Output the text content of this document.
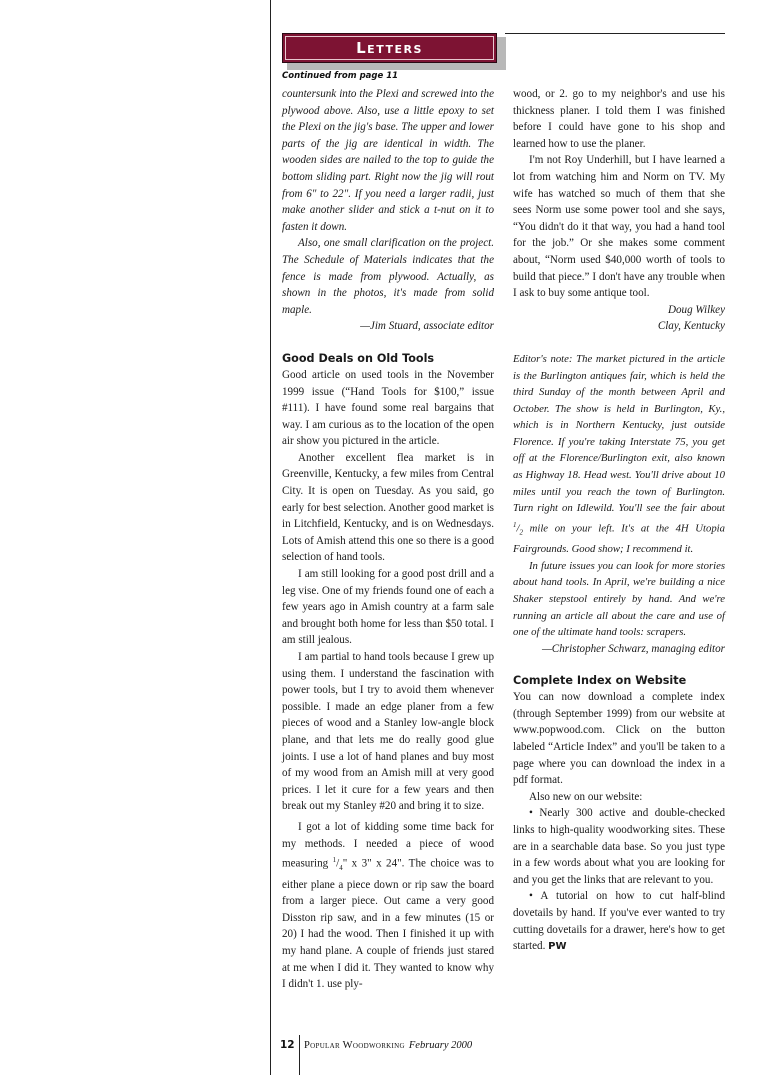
Letters
Continued from page 11

countersunk into the Plexi and screwed into the plywood above. Also, use a little epoxy to set the Plexi on the jig's base. The upper and lower parts of the jig are identical in width. The wooden sides are nailed to the top to guide the bottom sliding part. Right now the jig will rout from 6" to 22". If you need a larger radii, just make another slider and stick a t-nut on it to fasten it down.

Also, one small clarification on the project. The Schedule of Materials indicates that the fence is made from plywood. Actually, as shown in the photos, it's made from solid maple.

—Jim Stuard, associate editor

Good Deals on Old Tools

Good article on used tools in the November 1999 issue (“Hand Tools for $100,” issue #111). I have found some real bargains that way. I am curious as to the location of the open air show you pictured in the article.

Another excellent flea market is in Greenville, Kentucky, a few miles from Central City. It is open on Tuesday. As you said, go early for best selection. Another good market is in Litchfield, Kentucky, and is on Wednesdays. Lots of Amish attend this one so there is a good selection of hand tools.

I am still looking for a good post drill and a leg vise. One of my friends found one of each a few years ago in Amish country at a farm sale and brought both home for less than $50 total. I am still jealous.

I am partial to hand tools because I grew up using them. I understand the fascination with power tools, but I try to avoid them whenever possible. I made an edge planer from a few pieces of wood and a Stanley low-angle block plane, and that lets me do really good glue joints. I use a lot of hand planes and buy most of my wood from an Amish mill at very good prices. I let it cure for a few years and then break out my Stanley #20 and bring it to size.

I got a lot of kidding some time back for my methods. I needed a piece of wood measuring $^1/_4$" x 3" x 24". The choice was to either plane a piece down or rip saw the board from a larger piece. Out came a very good Disston rip saw, and in a few minutes (15 or 20) I had the wood. Then I finished it up with my hand plane. A couple of friends just stared at me when I did it. They wanted to know why I didn't 1. use ply-

wood, or 2. go to my neighbor's and use his thickness planer. I told them I was finished before I could have gone to his shop and learned how to use the planer.

I'm not Roy Underhill, but I have learned a lot from watching him and Norm on TV. My wife has watched so much of them that she sees Norm use some power tool and she says, “You didn't do it that way, you had a hand tool for the job.” Or she makes some comment about, “Norm used $40,000 worth of tools to build that piece.” I don't have any trouble when I ask to buy some antique tool.

Doug Wilkey

Clay, Kentucky

Editor's note: The market pictured in the article is the Burlington antiques fair, which is held the third Sunday of the month between April and October. The show is held in Burlington, Ky., which is in Northern Kentucky, just outside Florence. If you're taking Interstate 75, you get off at the Florence/Burlington exit, also known as Highway 18. Head west. You'll drive about 10 miles until you reach the town of Burlington. Turn right on Idlewild. You'll see the fair about $^1/_2$ mile on your left. It's at the 4H Utopia Fairgrounds. Good show; I recommend it.

In future issues you can look for more stories about hand tools. In April, we're building a nice Shaker stepstool entirely by hand. And we're running an article all about the care and use of one of the ultimate hand tools: scrapers.

—Christopher Schwarz, managing editor

Complete Index on Website

You can now download a complete index (through September 1999) from our website at www.popwood.com. Click on the button labeled “Article Index” and you'll be taken to a page where you can download the index in a pdf format.

Also new on our website:

• Nearly 300 active and double-checked links to high-quality woodworking sites. These are in a searchable data base. So you just type in a few words about what you are looking for and you get the links that are relevant to you.

• A tutorial on how to cut half-blind dovetails by hand. If you've ever wanted to try cutting dovetails for a drawer, here's how to get started. PW

12 Popular Woodworking February 2000
